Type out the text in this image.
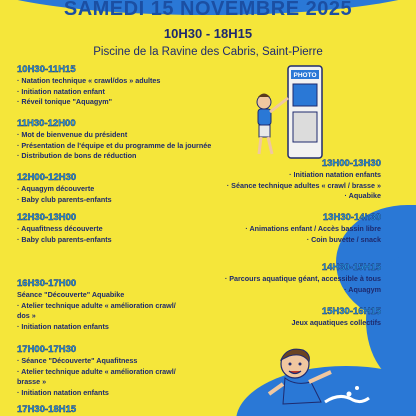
SAMEDI 15 NOVEMBRE 2025
10H30 - 18H15
Piscine de la Ravine des Cabris, Saint-Pierre
PHOTO
10H30-11H15
· Natation technique « crawl/dos » adultes
· Initiation natation enfant
· Réveil tonique "Aquagym"
11H30-12H00
· Mot de bienvenue du président
· Présentation de l'équipe et du programme de la journée
· Distribution de bons de réduction
12H00-12H30
· Aquagym découverte
· Baby club parents-enfants
12H30-13H00
· Aquafitness découverte
· Baby club parents-enfants
16H30-17H00
Séance "Découverte" Aquabike
· Atelier technique adulte « amélioration crawl/
dos »
· Initiation natation enfants
17H00-17H30
· Séance "Découverte" Aquafitness
· Atelier technique adulte « amélioration crawl/
brasse »
· Initiation natation enfants
17H30-18H15
13H00-13H30
· Initiation natation enfants
· Séance technique adultes « crawl / brasse »
· Aquabike
13H30-14h30
· Animations enfant / Accès bassin libre
· Coin buvette / snack
14H30-15H15
· Parcours aquatique géant, accessible à tous
· Aquagym
15H30-16H15
Jeux aquatiques collectifs
